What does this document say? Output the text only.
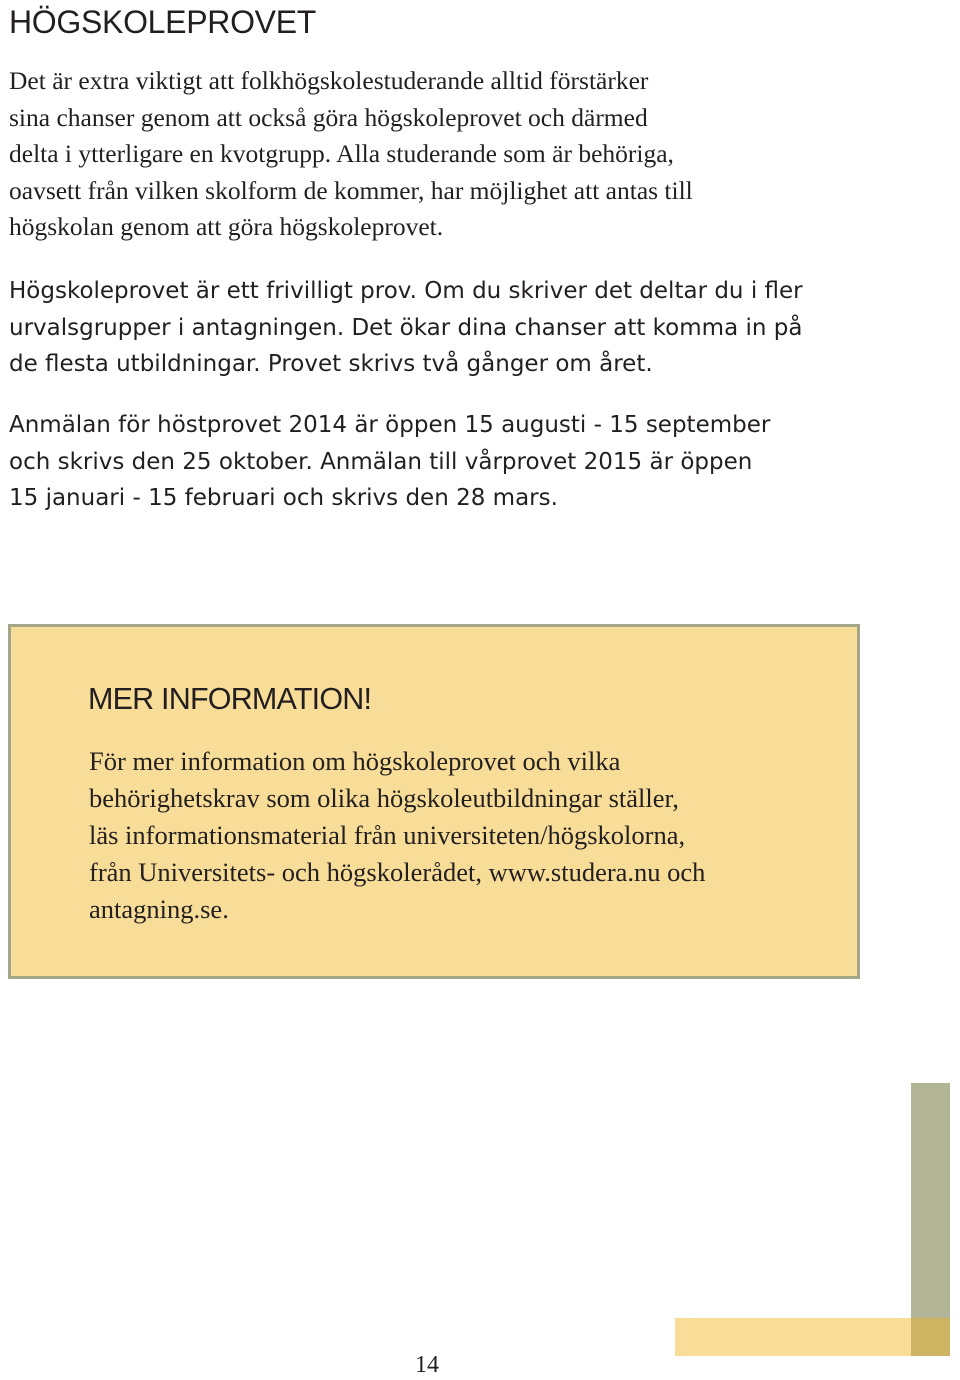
HÖGSKOLEPROVET

Det är extra viktigt att folkhögskolestuderande alltid förstärker
sina chanser genom att också göra högskoleprovet och därmed
delta i ytterligare en kvotgrupp. Alla studerande som är behöriga,
oavsett från vilken skolform de kommer, har möjlighet att antas till
högskolan genom att göra högskoleprovet.

Högskoleprovet är ett frivilligt prov. Om du skriver det deltar du i fler
urvalsgrupper i antagningen. Det ökar dina chanser att komma in på
de flesta utbildningar. Provet skrivs två gånger om året.

Anmälan för höstprovet 2014 är öppen 15 augusti - 15 september
och skrivs den 25 oktober. Anmälan till vårprovet 2015 är öppen
15 januari - 15 februari och skrivs den 28 mars.

MER INFORMATION!

För mer information om högskoleprovet och vilka
behörighetskrav som olika högskoleutbildningar ställer,
läs informationsmaterial från universiteten/högskolorna,
från Universitets- och högskolerådet, www.studera.nu och
antagning.se.

14
